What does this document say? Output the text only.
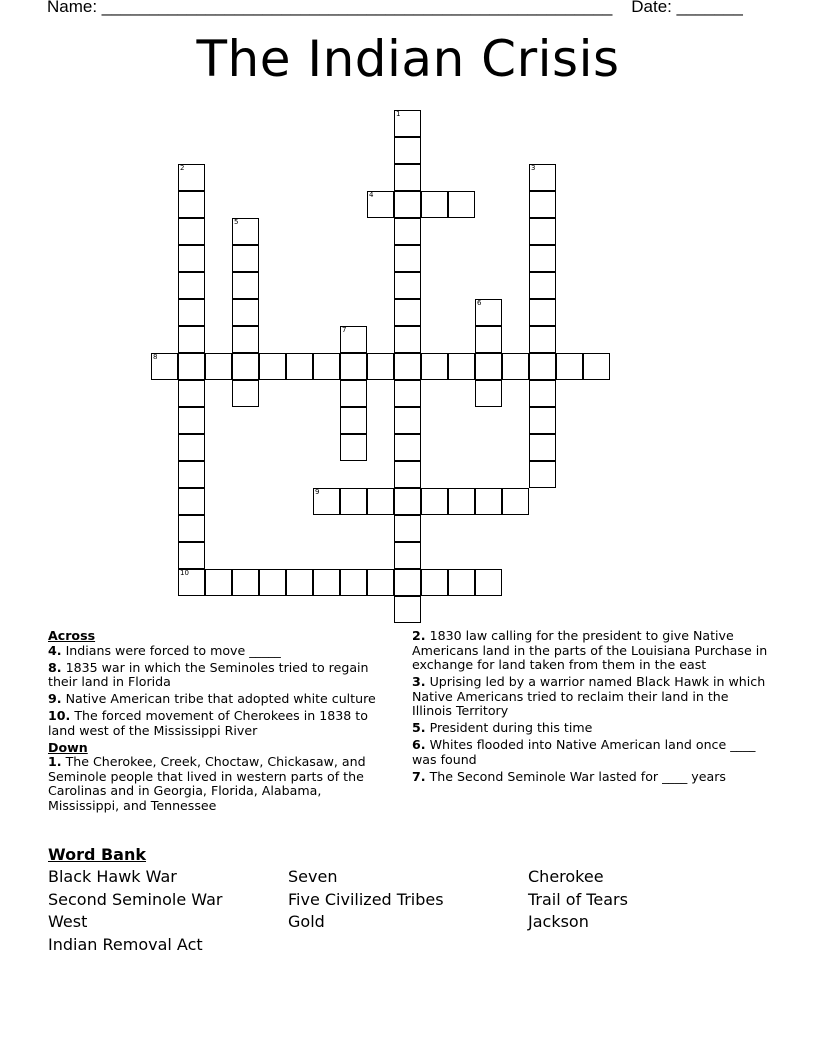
Name: ______________________________________________________    Date: _______
The Indian Crisis
1
2
10
3
4
5
6
7
8
9
Across
4. Indians were forced to move _____
8. 1835 war in which the Seminoles tried to regain their land in Florida
9. Native American tribe that adopted white culture
10. The forced movement of Cherokees in 1838 to land west of the Mississippi River
Down
1. The Cherokee, Creek, Choctaw, Chickasaw, and Seminole people that lived in western parts of the Carolinas and in Georgia, Florida, Alabama, Mississippi, and Tennessee
2. 1830 law calling for the president to give Native Americans land in the parts of the Louisiana Purchase in exchange for land taken from them in the east
3. Uprising led by a warrior named Black Hawk in which Native Americans tried to reclaim their land in the Illinois Territory
5. President during this time
6. Whites flooded into Native American land once ____ was found
7. The Second Seminole War lasted for ____ years
Word Bank
Black Hawk War
Second Seminole War
West
Indian Removal Act
Seven
Five Civilized Tribes
Gold
Cherokee
Trail of Tears
Jackson
